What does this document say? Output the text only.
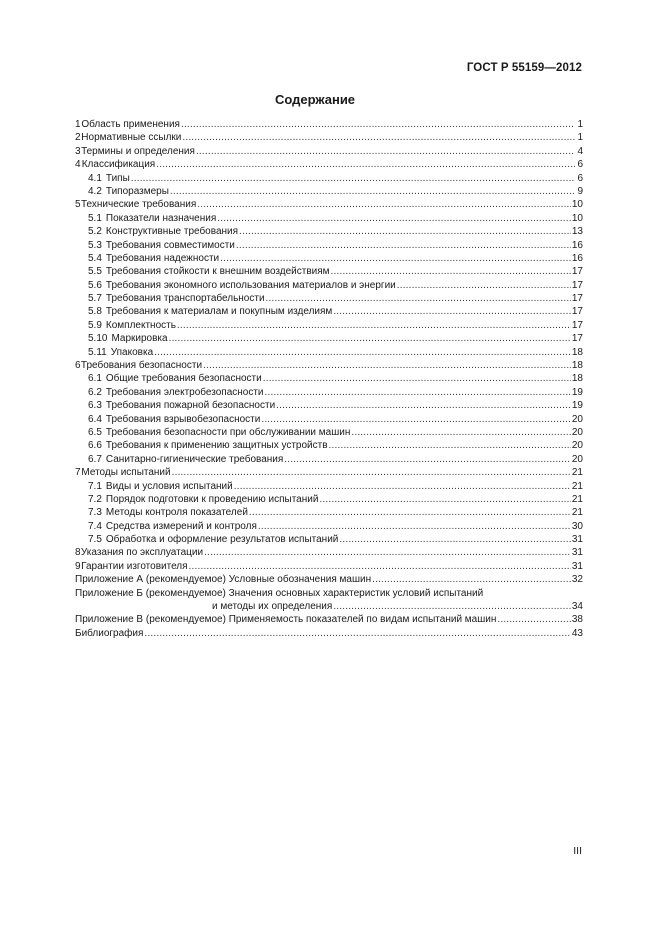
ГОСТ Р 55159—2012
Содержание
1 Область применения .....	1
2 Нормативные ссылки .....	1
3 Термины и определения .....	4
4 Классификация .....	6
4.1 Типы .....	6
4.2 Типоразмеры .....	9
5 Технические требования .....	10
5.1 Показатели назначения .....	10
5.2 Конструктивные требования .....	13
5.3 Требования совместимости .....	16
5.4 Требования надежности .....	16
5.5 Требования стойкости к внешним воздействиям .....	17
5.6 Требования экономного использования материалов и энергии .....	17
5.7 Требования транспортабельности .....	17
5.8 Требования к материалам и покупным изделиям .....	17
5.9 Комплектность .....	17
5.10 Маркировка .....	17
5.11 Упаковка .....	18
6 Требования безопасности .....	18
6.1 Общие требования безопасности .....	18
6.2 Требования электробезопасности .....	19
6.3 Требования пожарной безопасности .....	19
6.4 Требования взрывобезопасности .....	20
6.5 Требования безопасности при обслуживании машин .....	20
6.6 Требования к применению защитных устройств .....	20
6.7 Санитарно-гигиенические требования .....	20
7 Методы испытаний .....	21
7.1 Виды и условия испытаний .....	21
7.2 Порядок подготовки к проведению испытаний .....	21
7.3 Методы контроля показателей .....	21
7.4 Средства измерений и контроля .....	30
7.5 Обработка и оформление результатов испытаний .....	31
8 Указания по эксплуатации .....	31
9 Гарантии изготовителя .....	31
Приложение А (рекомендуемое) Условные обозначения машин .....	32
Приложение Б (рекомендуемое) Значения основных характеристик условий испытаний
и методы их определения .....	34
Приложение В (рекомендуемое) Применяемость показателей по видам испытаний машин .....	38
Библиография .....	43
III
